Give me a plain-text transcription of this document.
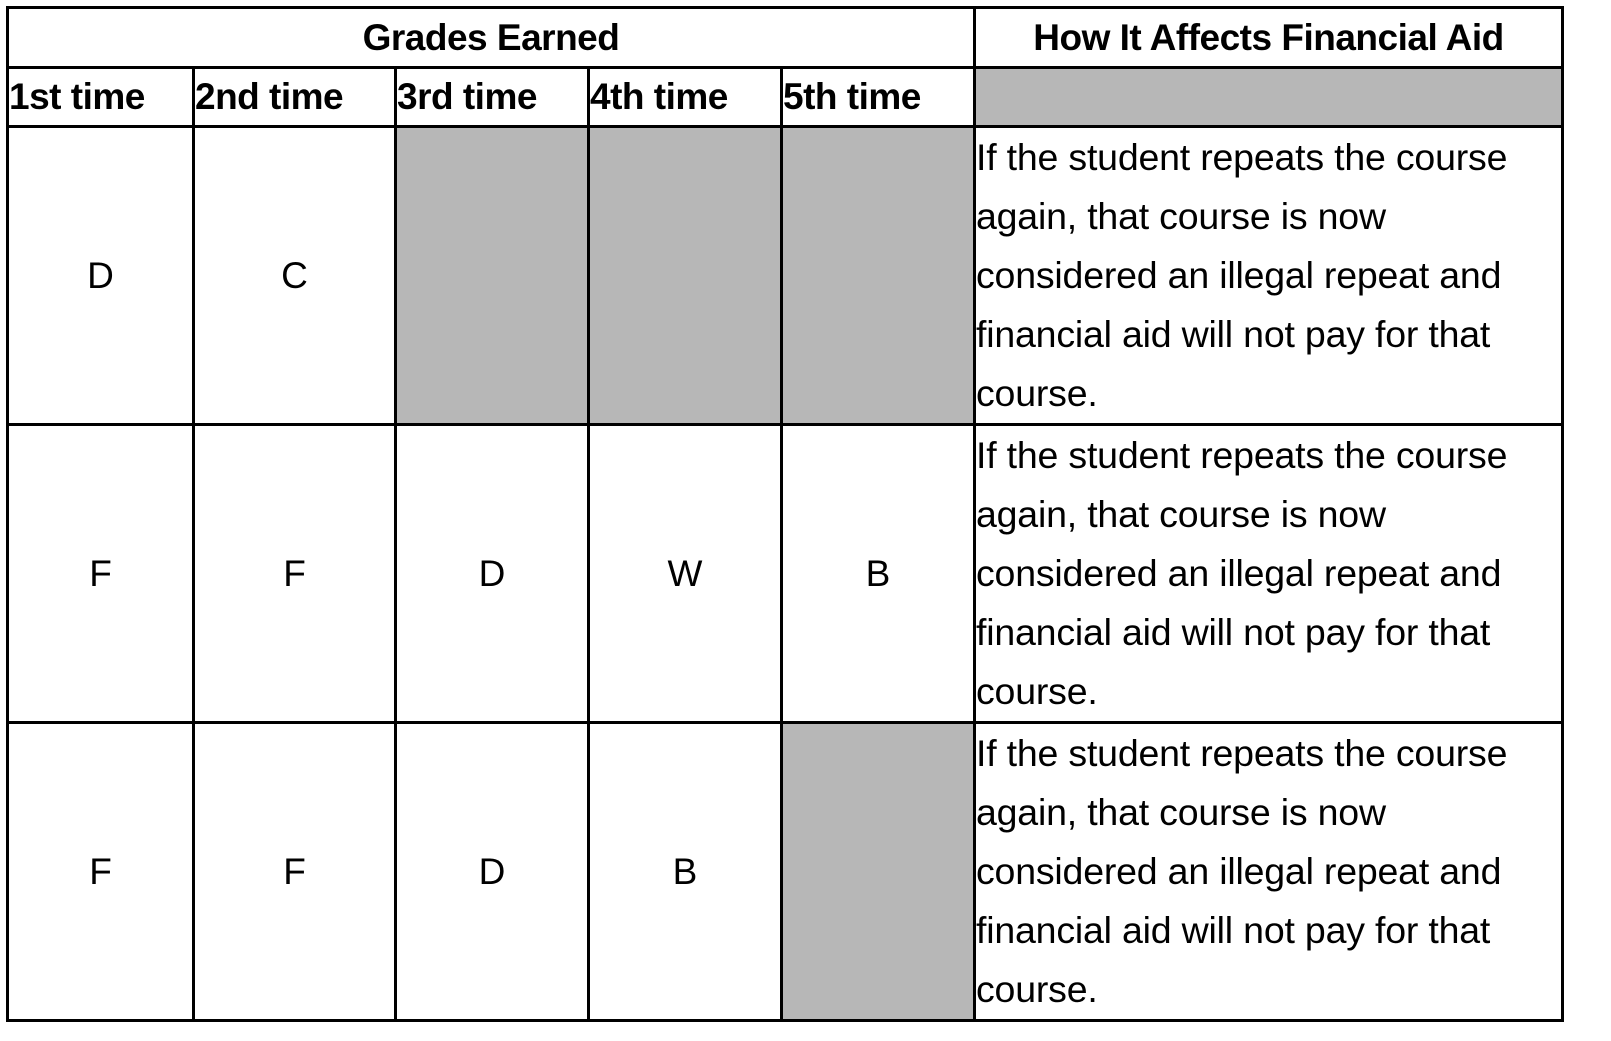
Grades Earned					How It Affects Financial Aid
1st time	2nd time	3rd time	4th time	5th time	
D	C				If the student repeats the course again, that course is now considered an illegal repeat and financial aid will not pay for that course.
F	F	D	W	B	If the student repeats the course again, that course is now considered an illegal repeat and financial aid will not pay for that course.
F	F	D	B		If the student repeats the course again, that course is now considered an illegal repeat and financial aid will not pay for that course.
